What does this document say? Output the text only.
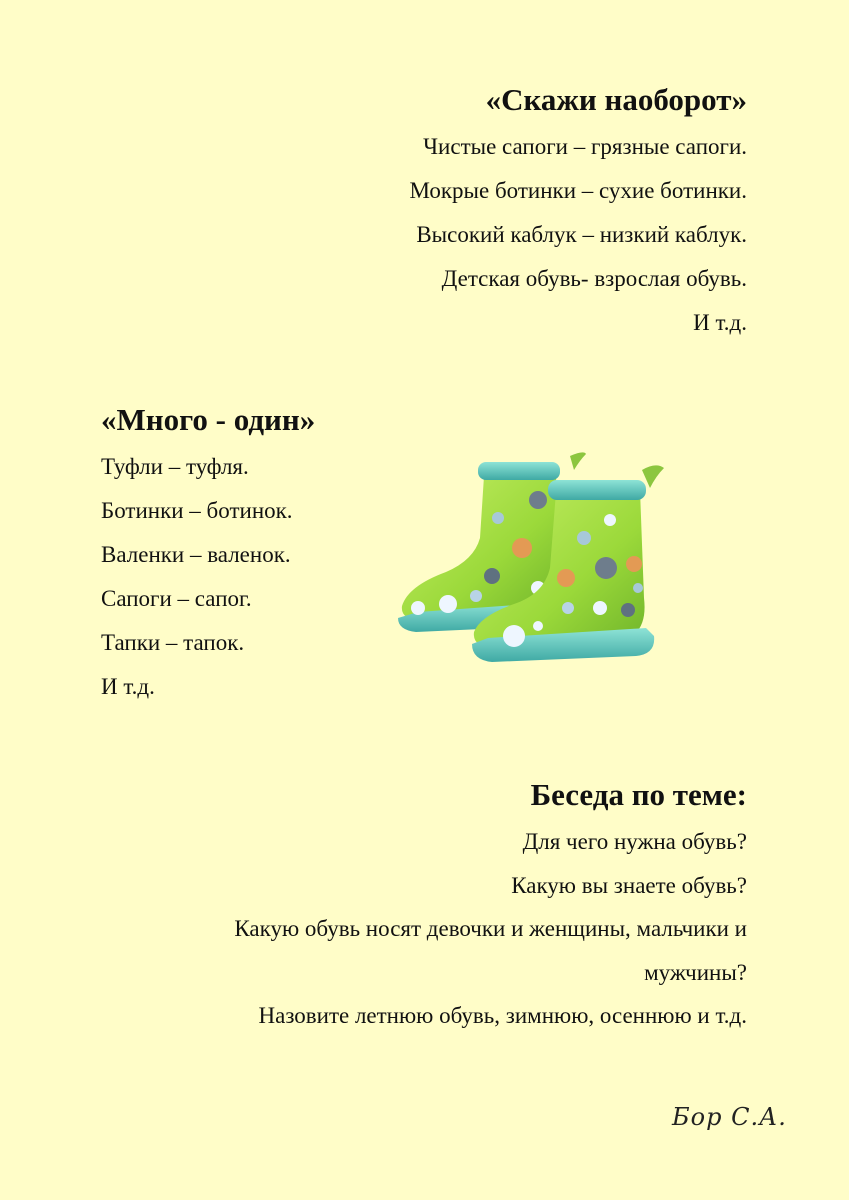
«Скажи наоборот»

Чистые сапоги – грязные сапоги.

Мокрые ботинки – сухие ботинки.

Высокий каблук – низкий каблук.

Детская обувь- взрослая обувь.

И т.д.

«Много - один»

Туфли – туфля.

Ботинки – ботинок.

Валенки – валенок.

Сапоги – сапог.

Тапки – тапок.

И т.д.

Беседа по теме:

Для чего нужна обувь?

Какую вы знаете обувь?

Какую обувь носят девочки и женщины, мальчики и

мужчины?

Назовите летнюю обувь, зимнюю, осеннюю и т.д.

Бор С.А.
